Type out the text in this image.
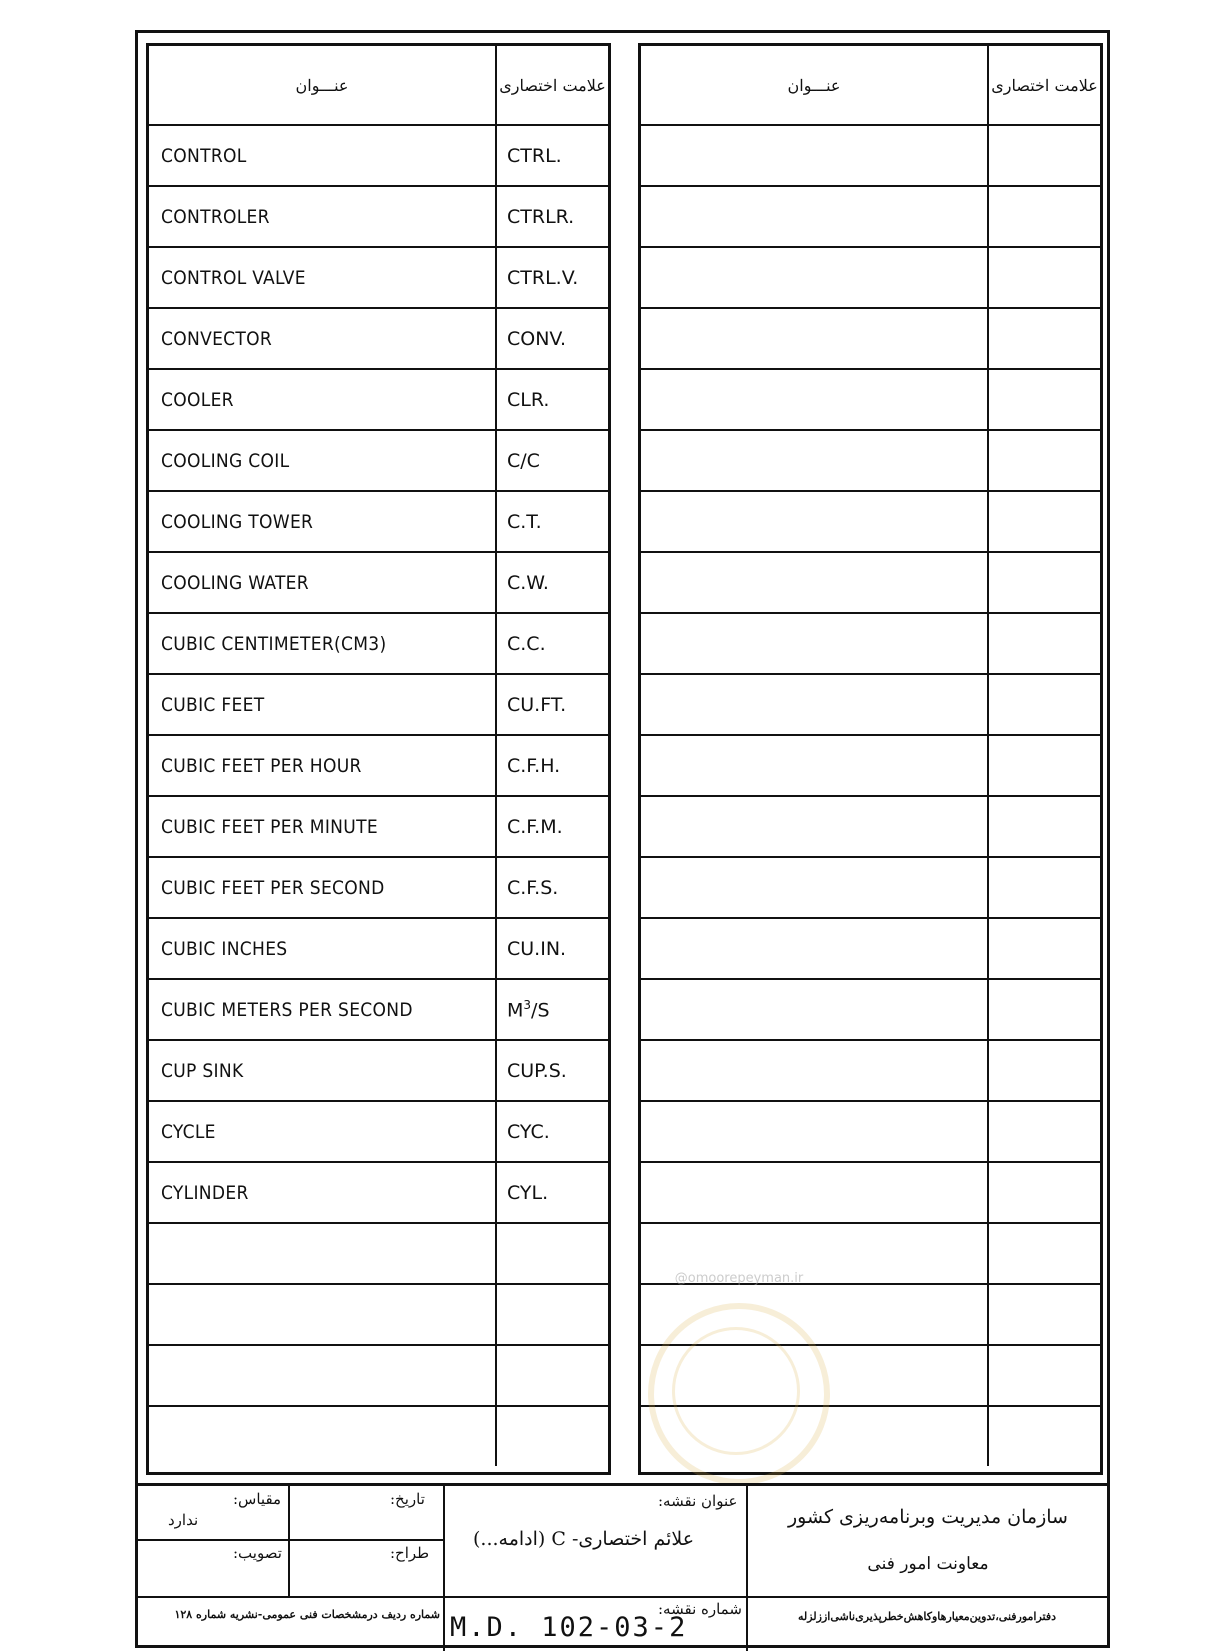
عنـــوان	علامت اختصاری
CONTROL	CTRL.
CONTROLER	CTRLR.
CONTROL VALVE	CTRL.V.
CONVECTOR	CONV.
COOLER	CLR.
COOLING COIL	C/C
COOLING TOWER	C.T.
COOLING WATER	C.W.
CUBIC CENTIMETER(CM3)	C.C.
CUBIC FEET	CU.FT.
CUBIC FEET PER HOUR	C.F.H.
CUBIC FEET PER MINUTE	C.F.M.
CUBIC FEET PER SECOND	C.F.S.
CUBIC INCHES	CU.IN.
CUBIC METERS PER SECOND	$M^3/S$
CUP SINK	CUP.S.
CYCLE	CYC.
CYLINDER	CYL.

عنـــوان	علامت اختصاری

@omoorepeyman.ir
مقیاس:
ندارد
تاریخ:
تصویب:	طراح:
شماره ردیف درمشخصات فنی عمومی-نشریه شماره ۱۲۸
عنوان نقشه:
علائم اختصاری- C (ادامه...)
شماره نقشه:
M.D. 102-03-2
سازمان مدیریت وبرنامه‌ریزی کشور
معاونت امور فنی
دفترامورفنی،تدوین‌معیارهاوکاهش‌خطرپذیری‌ناشی‌اززلزله
